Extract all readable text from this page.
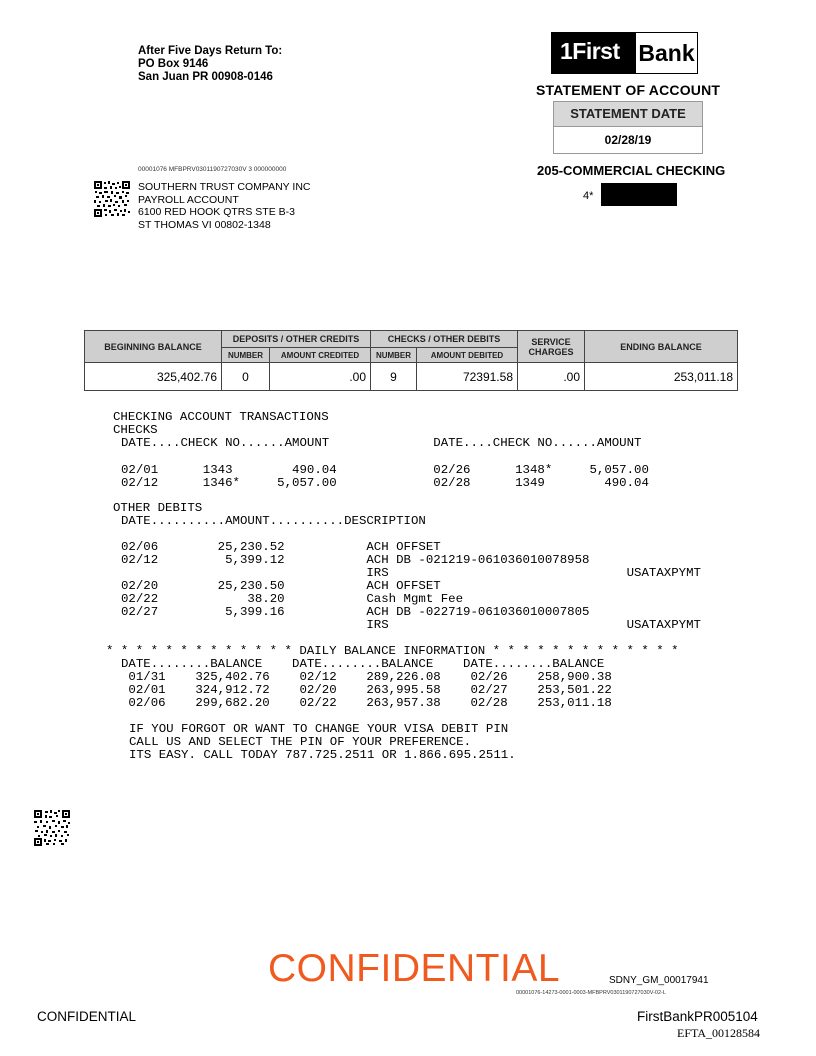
After Five Days Return To:
PO Box 9146
San Juan PR 00908-0146
1First Bank
STATEMENT OF ACCOUNT
STATEMENT DATE
02/28/19
205-COMMERCIAL CHECKING
4*
00001076 MFBPRV0301190727030V 3 000000000
SOUTHERN TRUST COMPANY INC
PAYROLL ACCOUNT
6100 RED HOOK QTRS STE B-3
ST THOMAS VI 00802-1348
BEGINNING BALANCE	DEPOSITS / OTHER CREDITS		CHECKS / OTHER DEBITS		SERVICE CHARGES	ENDING BALANCE
	NUMBER	AMOUNT CREDITED	NUMBER	AMOUNT DEBITED		
325,402.76	0	.00	9	72391.58	.00	253,011.18
CHECKING ACCOUNT TRANSACTIONS
CHECKS
DATE....CHECK NO......AMOUNT              DATE....CHECK NO......AMOUNT
02/01      1343        490.04             02/26      1348*     5,057.00
02/12      1346*     5,057.00             02/28      1349        490.04
OTHER DEBITS
DATE..........AMOUNT..........DESCRIPTION
02/06        25,230.52           ACH OFFSET
02/12         5,399.12           ACH DB -021219-061036010078958
IRS                                USATAXPYMT
02/20        25,230.50           ACH OFFSET
02/22            38.20           Cash Mgmt Fee
02/27         5,399.16           ACH DB -022719-061036010007805
IRS                                USATAXPYMT
* * * * * * * * * * * * * DAILY BALANCE INFORMATION * * * * * * * * * * * * *
DATE........BALANCE    DATE........BALANCE    DATE........BALANCE
01/31    325,402.76    02/12    289,226.08    02/26    258,900.38
02/01    324,912.72    02/20    263,995.58    02/27    253,501.22
02/06    299,682.20    02/22    263,957.38    02/28    253,011.18
IF YOU FORGOT OR WANT TO CHANGE YOUR VISA DEBIT PIN
CALL US AND SELECT THE PIN OF YOUR PREFERENCE.
ITS EASY. CALL TODAY 787.725.2511 OR 1.866.695.2511.
CONFIDENTIAL	SDNY_GM_00017941
00001076-14273-0001-0003-MFBPRV0301190727030V-02-L
CONFIDENTIAL	FirstBankPR005104
EFTA_00128584
